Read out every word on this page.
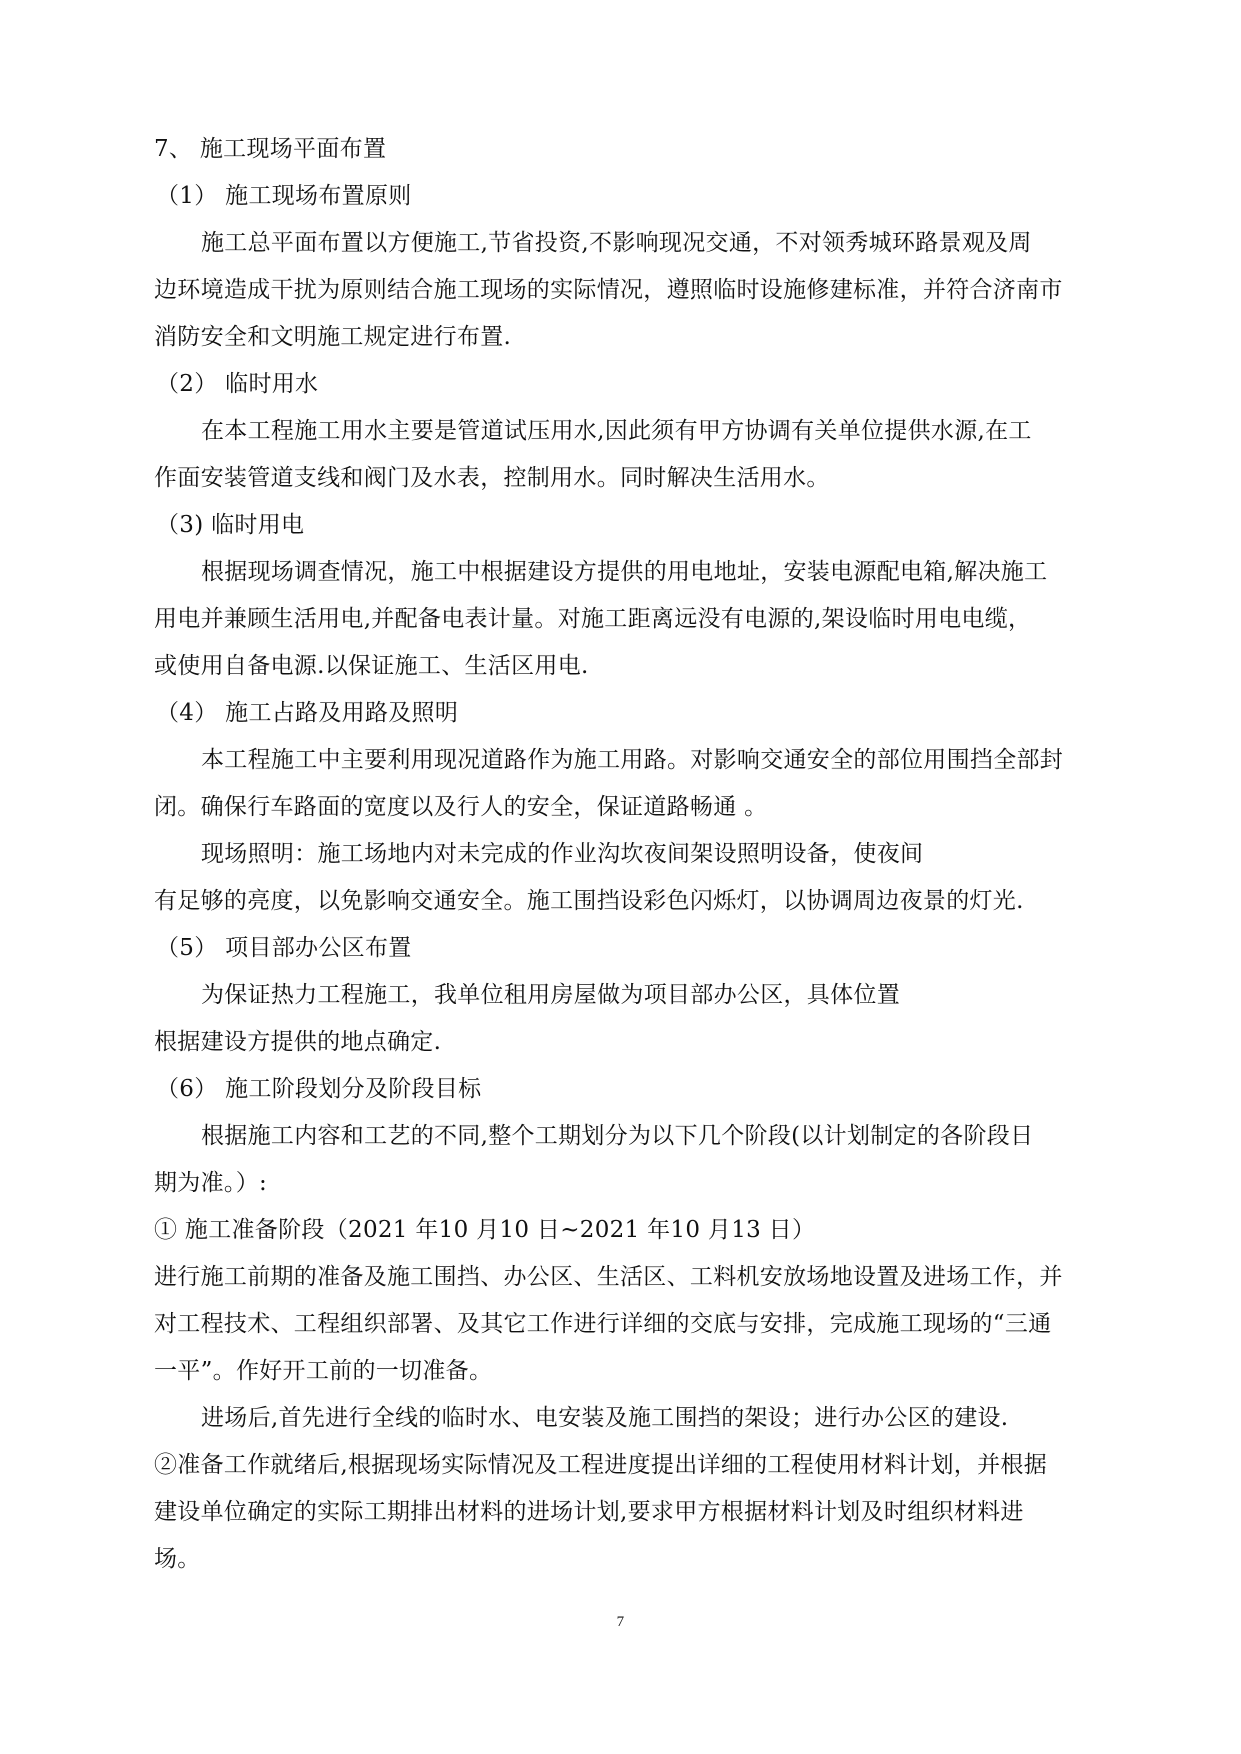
7、 施工现场平面布置
（1） 施工现场布置原则
施工总平面布置以方便施工,节省投资,不影响现况交通，不对领秀城环路景观及周
边环境造成干扰为原则结合施工现场的实际情况，遵照临时设施修建标准，并符合济南市
消防安全和文明施工规定进行布置.
（2） 临时用水
在本工程施工用水主要是管道试压用水,因此须有甲方协调有关单位提供水源,在工
作面安装管道支线和阀门及水表，控制用水。同时解决生活用水。
（3) 临时用电
根据现场调查情况，施工中根据建设方提供的用电地址，安装电源配电箱,解决施工
用电并兼顾生活用电,并配备电表计量。对施工距离远没有电源的,架设临时用电电缆，
或使用自备电源.以保证施工、生活区用电.
（4） 施工占路及用路及照明
本工程施工中主要利用现况道路作为施工用路。对影响交通安全的部位用围挡全部封
闭。确保行车路面的宽度以及行人的安全，保证道路畅通 。
现场照明：施工场地内对未完成的作业沟坎夜间架设照明设备，使夜间
有足够的亮度，以免影响交通安全。施工围挡设彩色闪烁灯，以协调周边夜景的灯光.
（5） 项目部办公区布置
为保证热力工程施工，我单位租用房屋做为项目部办公区，具体位置
根据建设方提供的地点确定.
（6） 施工阶段划分及阶段目标
根据施工内容和工艺的不同,整个工期划分为以下几个阶段(以计划制定的各阶段日
期为准。）:
① 施工准备阶段（2021 年10 月10 日~2021 年10 月13 日）
进行施工前期的准备及施工围挡、办公区、生活区、工料机安放场地设置及进场工作，并
对工程技术、工程组织部署、及其它工作进行详细的交底与安排，完成施工现场的“三通
一平”。作好开工前的一切准备。
进场后,首先进行全线的临时水、电安装及施工围挡的架设；进行办公区的建设.
②准备工作就绪后,根据现场实际情况及工程进度提出详细的工程使用材料计划，并根据
建设单位确定的实际工期排出材料的进场计划,要求甲方根据材料计划及时组织材料进
场。
7
